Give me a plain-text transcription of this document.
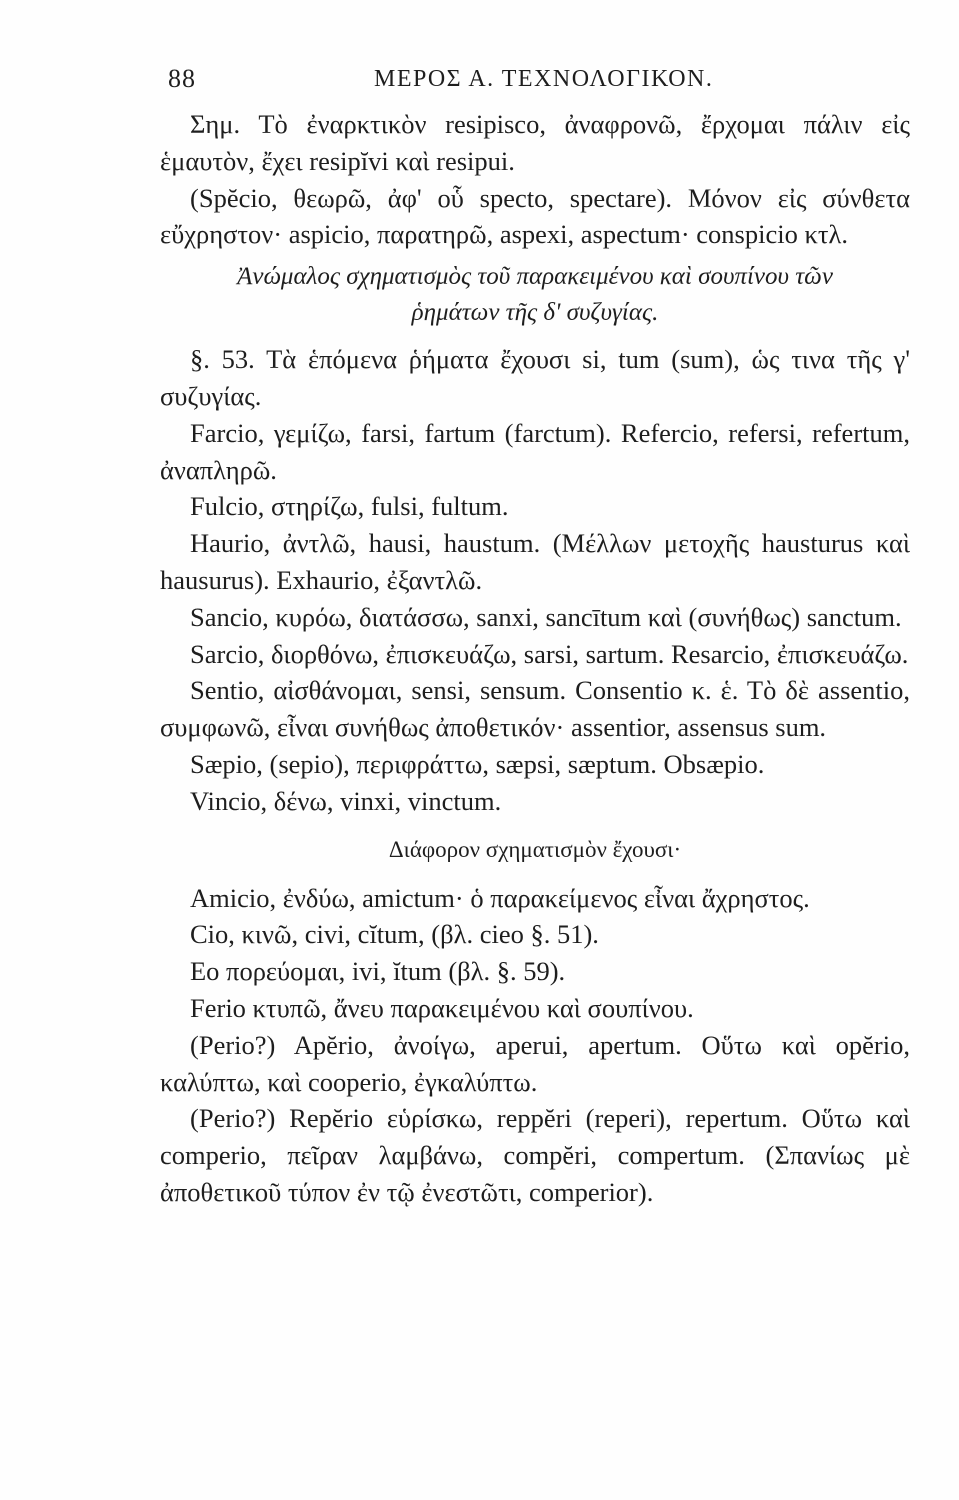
88	ΜΕΡΟΣ Α. ΤΕΧΝΟΛΟΓΙΚΟΝ.

Σημ. Τὸ ἐναρκτικὸν resipisco, ἀναφρονῶ, ἔρχομαι πάλιν εἰς ἑμαυτὸν, ἔχει resipĭvi καὶ resipui.

(Spĕcio, θεωρῶ, ἀφ' οὗ specto, spectare). Μόνον εἰς σύνθετα εὔχρηστον· aspicio, παρατηρῶ, aspexi, aspectum· conspicio κτλ.

Ἀνώμαλος σχηματισμὸς τοῦ παρακειμένου καὶ σουπίνου τῶν ῥημάτων τῆς δ' συζυγίας.

§. 53. Τὰ ἑπόμενα ῥήματα ἔχουσι si, tum (sum), ὡς τινα τῆς γ' συζυγίας.

Farcio, γεμίζω, farsi, fartum (farctum). Refercio, refersi, refertum, ἀναπληρῶ.

Fulcio, στηρίζω, fulsi, fultum.

Haurio, ἀντλῶ, hausi, haustum. (Μέλλων μετοχῆς hausturus καὶ hausurus). Exhaurio, ἐξαντλῶ.

Sancio, κυρόω, διατάσσω, sanxi, sancītum καὶ (συνήθως) sanctum.

Sarcio, διορθόνω, ἐπισκευάζω, sarsi, sartum. Resarcio, ἐπισκευάζω.

Sentio, αἰσθάνομαι, sensi, sensum. Consentio κ. ἑ. Τὸ δὲ assentio, συμφωνῶ, εἶναι συνήθως ἀποθετικόν· assentior, assensus sum.

Sæpio, (sepio), περιφράττω, sæpsi, sæptum. Obsæpio.

Vincio, δένω, vinxi, vinctum.

Διάφορον σχηματισμὸν ἔχουσι·

Amicio, ἐνδύω, amictum· ὁ παρακείμενος εἶναι ἄχρηστος.

Cio, κινῶ, civi, cĭtum, (βλ. cieo §. 51).

Eo πορεύομαι, ivi, ĭtum (βλ. §. 59).

Ferio κτυπῶ, ἄνευ παρακειμένου καὶ σουπίνου.

(Perio?) Apĕrio, ἀνοίγω, aperui, apertum. Οὕτω καὶ opĕrio, καλύπτω, καὶ cooperio, ἐγκαλύπτω.

(Perio?) Repĕrio εὑρίσκω, reppĕri (reperi), repertum. Οὕτω καὶ comperio, πεῖραν λαμβάνω, compĕri, compertum. (Σπανίως μὲ ἀποθετικοῦ τύπον ἐν τῷ ἐνεστῶτι, comperior).
